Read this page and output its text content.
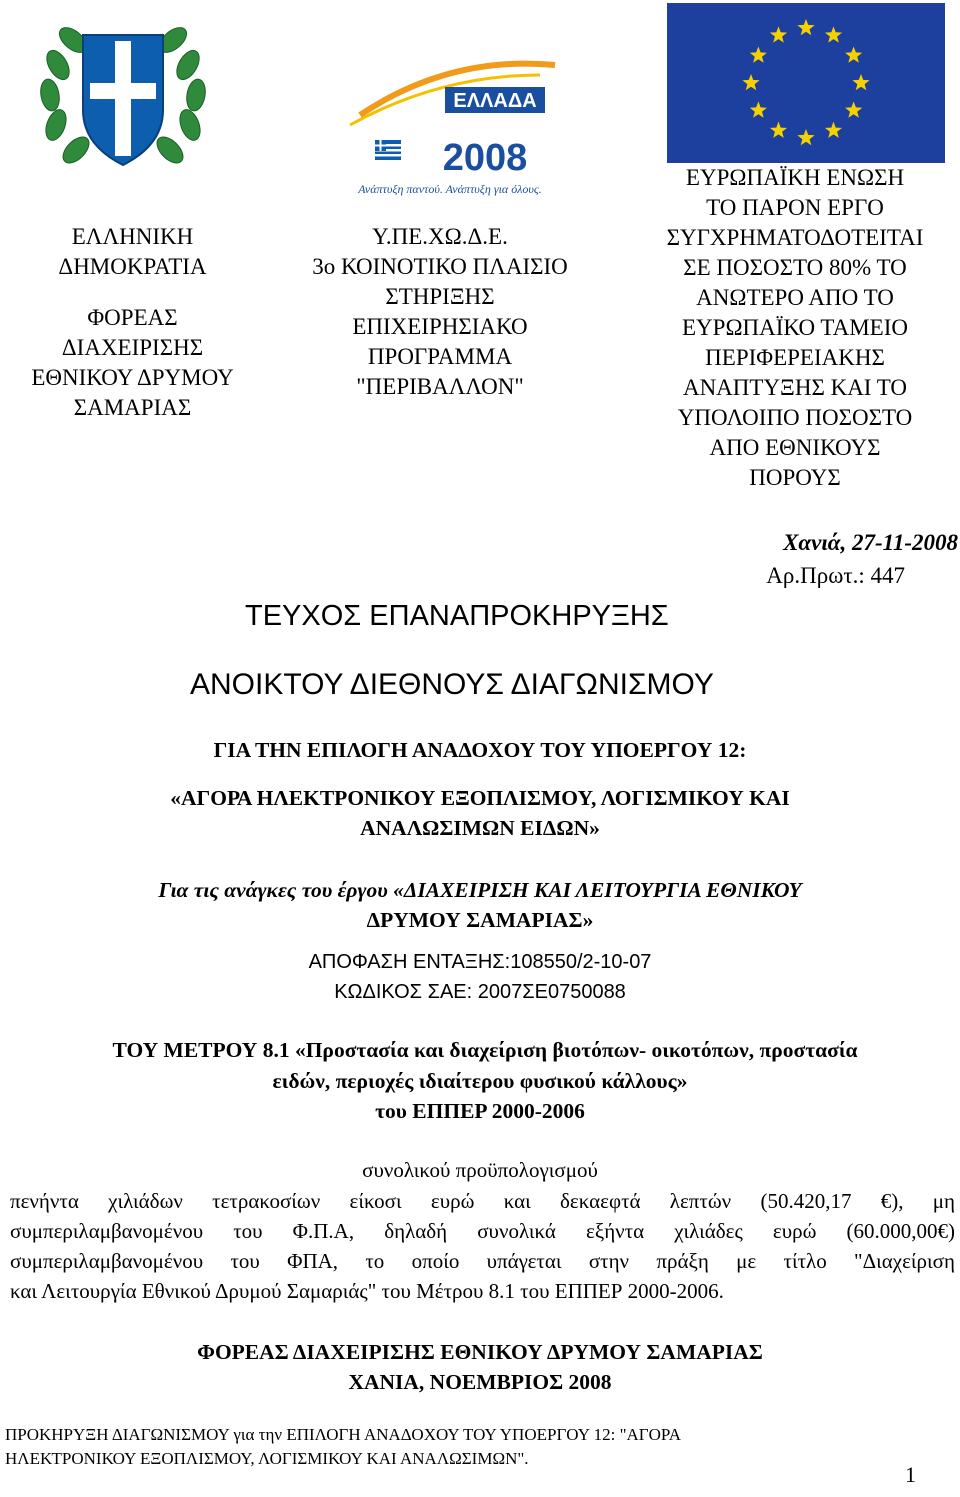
ΕΛΛΑΔΑ
2008
Ανάπτυξη παντού. Ανάπτυξη για όλους.
ΕΛΛΗΝΙΚΗ
ΔΗΜΟΚΡΑΤΙΑ
ΦΟΡΕΑΣ
ΔΙΑΧΕΙΡΙΣΗΣ
ΕΘΝΙΚΟΥ ΔΡΥΜΟΥ
ΣΑΜΑΡΙΑΣ
Υ.ΠΕ.ΧΩ.Δ.Ε.
3ο ΚΟΙΝΟΤΙΚΟ ΠΛΑΙΣΙΟ
ΣΤΗΡΙΞΗΣ
ΕΠΙΧΕΙΡΗΣΙΑΚΟ
ΠΡΟΓΡΑΜΜΑ
"ΠΕΡΙΒΑΛΛΟΝ"
ΕΥΡΩΠΑΪΚΗ ΕΝΩΣΗ
ΤΟ ΠΑΡΟΝ ΕΡΓΟ
ΣΥΓΧΡΗΜΑΤΟΔΟΤΕΙΤΑΙ
ΣΕ ΠΟΣΟΣΤΟ 80% ΤΟ
ΑΝΩΤΕΡΟ ΑΠΟ ΤΟ
ΕΥΡΩΠΑΪΚΟ ΤΑΜΕΙΟ
ΠΕΡΙΦΕΡΕΙΑΚΗΣ
ΑΝΑΠΤΥΞΗΣ ΚΑΙ ΤΟ
ΥΠΟΛΟΙΠΟ ΠΟΣΟΣΤΟ
ΑΠΟ ΕΘΝΙΚΟΥΣ
ΠΟΡΟΥΣ
Χανιά, 27-11-2008
Αρ.Πρωτ.: 447
ΤΕΥΧΟΣ ΕΠΑΝΑΠΡΟΚΗΡΥΞΗΣ
ΑΝΟΙΚΤΟΥ ΔΙΕΘΝΟΥΣ ΔΙΑΓΩΝΙΣΜΟΥ
ΓΙΑ ΤΗΝ ΕΠΙΛΟΓΗ ΑΝΑΔΟΧΟΥ ΤΟΥ ΥΠΟΕΡΓΟΥ 12:
«ΑΓΟΡΑ ΗΛΕΚΤΡΟΝΙΚΟΥ ΕΞΟΠΛΙΣΜΟΥ, ΛΟΓΙΣΜΙΚΟΥ ΚΑΙ
ΑΝΑΛΩΣΙΜΩΝ ΕΙΔΩΝ»
Για τις ανάγκες του έργου «ΔΙΑΧΕΙΡΙΣΗ ΚΑΙ ΛΕΙΤΟΥΡΓΙΑ ΕΘΝΙΚΟΥ
ΔΡΥΜΟΥ ΣΑΜΑΡΙΑΣ»
ΑΠΟΦΑΣΗ ΕΝΤΑΞΗΣ:108550/2-10-07
ΚΩΔΙΚΟΣ ΣΑΕ: 2007ΣΕ0750088
ΤΟΥ ΜΕΤΡΟΥ 8.1 «Προστασία και διαχείριση βιοτόπων- οικοτόπων, προστασία
ειδών, περιοχές ιδιαίτερου φυσικού κάλλους»
του ΕΠΠΕΡ 2000-2006
συνολικού προϋπολογισμού

πενήντα χιλιάδων τετρακοσίων είκοσι ευρώ και δεκαεφτά λεπτών (50.420,17 €), μη

συμπεριλαμβανομένου του Φ.Π.Α, δηλαδή συνολικά εξήντα χιλιάδες ευρώ (60.000,00€)

συμπεριλαμβανομένου του ΦΠΑ, το οποίο υπάγεται στην πράξη με τίτλο "Διαχείριση

και Λειτουργία Εθνικού Δρυμού Σαμαριάς" του Μέτρου 8.1 του ΕΠΠΕΡ 2000-2006.

ΦΟΡΕΑΣ ΔΙΑΧΕΙΡΙΣΗΣ ΕΘΝΙΚΟΥ ΔΡΥΜΟΥ ΣΑΜΑΡΙΑΣ
ΧΑΝΙΑ, ΝΟΕΜΒΡΙΟΣ 2008
ΠΡΟΚΗΡΥΞΗ ΔΙΑΓΩΝΙΣΜΟΥ για την ΕΠΙΛΟΓΗ ΑΝΑΔΟΧΟΥ ΤΟΥ ΥΠΟΕΡΓΟΥ 12: "ΑΓΟΡΑ
ΗΛΕΚΤΡΟΝΙΚΟΥ ΕΞΟΠΛΙΣΜΟΥ, ΛΟΓΙΣΜΙΚΟΥ ΚΑΙ ΑΝΑΛΩΣΙΜΩΝ".
1
